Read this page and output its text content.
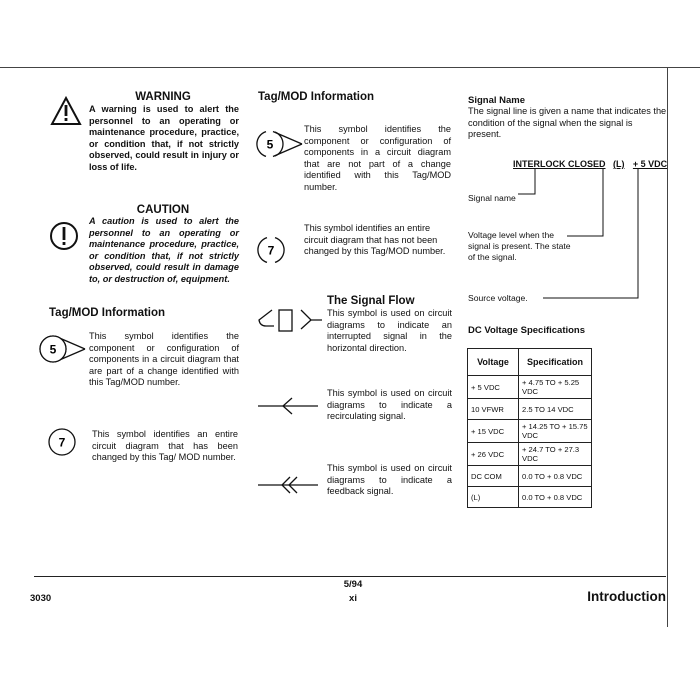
WARNING
A warning is used to alert the personnel to an operating or maintenance procedure, practice, or condition that, if not strictly observed, could result in injury or loss of life.
CAUTION
A caution is used to alert the personnel to an operating or maintenance procedure, practice, or condition that, if not strictly observed, could result in damage to, or destruction of, equipment.
Tag/MOD Information
5
This symbol identifies the component or configuration of components in a circuit diagram that are part of a change identified with this Tag/MOD number.
7
This symbol identifies an entire circuit diagram that has been changed by this Tag/ MOD number.
Tag/MOD Information
5
This symbol identifies the component or configuration of components in a circuit diagram that are not part of a change identified with this Tag/MOD number.
7
This symbol identifies an entire circuit diagram that has not been changed by this Tag/MOD number.
The Signal Flow
This symbol is used on circuit diagrams to indicate an interrupted signal in the horizontal direction.
This symbol is used on circuit diagrams to indicate a recirculating signal.
This symbol is used on circuit diagrams to indicate a feedback signal.
Signal Name
The signal line is given a name that indicates the condition of the signal when the signal is present.
INTERLOCK CLOSED (L) + 5 VDC
Signal name
Voltage level when the signal is present. The state of the signal.
Source voltage.
DC Voltage Specifications
Voltage	Specification
+ 5 VDC	+ 4.75 TO + 5.25 VDC
10 VFWR	2.5 TO 14 VDC
+ 15 VDC	+ 14.25 TO + 15.75 VDC
+ 26 VDC	+ 24.7 TO + 27.3 VDC
DC COM	0.0 TO + 0.8 VDC
(L)	0.0 TO + 0.8 VDC
5/94
3030	xi	Introduction
